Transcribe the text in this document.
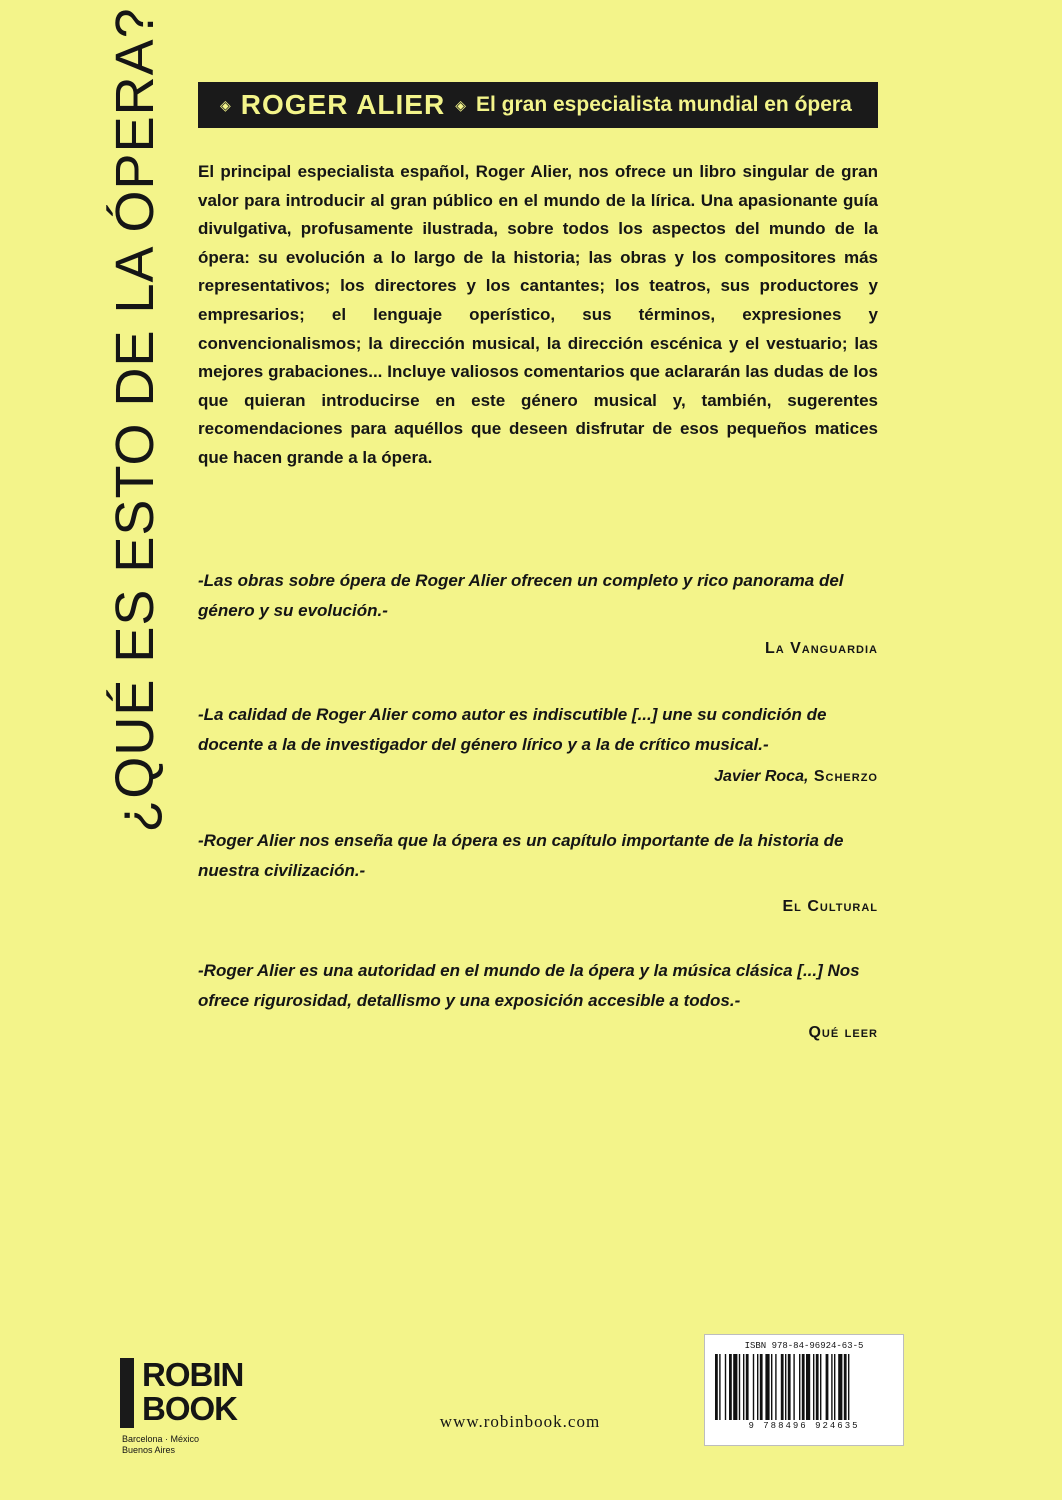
¿QUÉ ES ESTO DE LA ÓPERA?	◈ ROGER ALIER ◈ El gran especialista mundial en ópera
El principal especialista español, Roger Alier, nos ofrece un libro singular de gran valor para introducir al gran público en el mundo de la lírica. Una apasionante guía divulgativa, profusamente ilustrada, sobre todos los aspectos del mundo de la ópera: su evolución a lo largo de la historia; las obras y los compositores más representativos; los directores y los cantantes; los teatros, sus productores y empresarios; el lenguaje operístico, sus términos, expresiones y convencionalismos; la dirección musical, la dirección escénica y el vestuario; las mejores grabaciones... Incluye valiosos comentarios que aclararán las dudas de los que quieran introducirse en este género musical y, también, sugerentes recomendaciones para aquéllos que deseen disfrutar de esos pequeños matices que hacen grande a la ópera.
-Las obras sobre ópera de Roger Alier ofrecen un completo y rico panorama del género y su evolución.-
La Vanguardia
-La calidad de Roger Alier como autor es indiscutible [...] une su condición de docente a la de investigador del género lírico y a la de crítico musical.-
Javier Roca, Scherzo
-Roger Alier nos enseña que la ópera es un capítulo importante de la historia de nuestra civilización.-
El Cultural
-Roger Alier es una autoridad en el mundo de la ópera y la música clásica [...] Nos ofrece rigurosidad, detallismo y una exposición accesible a todos.-
Qué leer
ROBIN
BOOK
Barcelona · México
Buenos Aires
www.robinbook.com
ISBN 978-84-96924-63-5
9 788496 924635
